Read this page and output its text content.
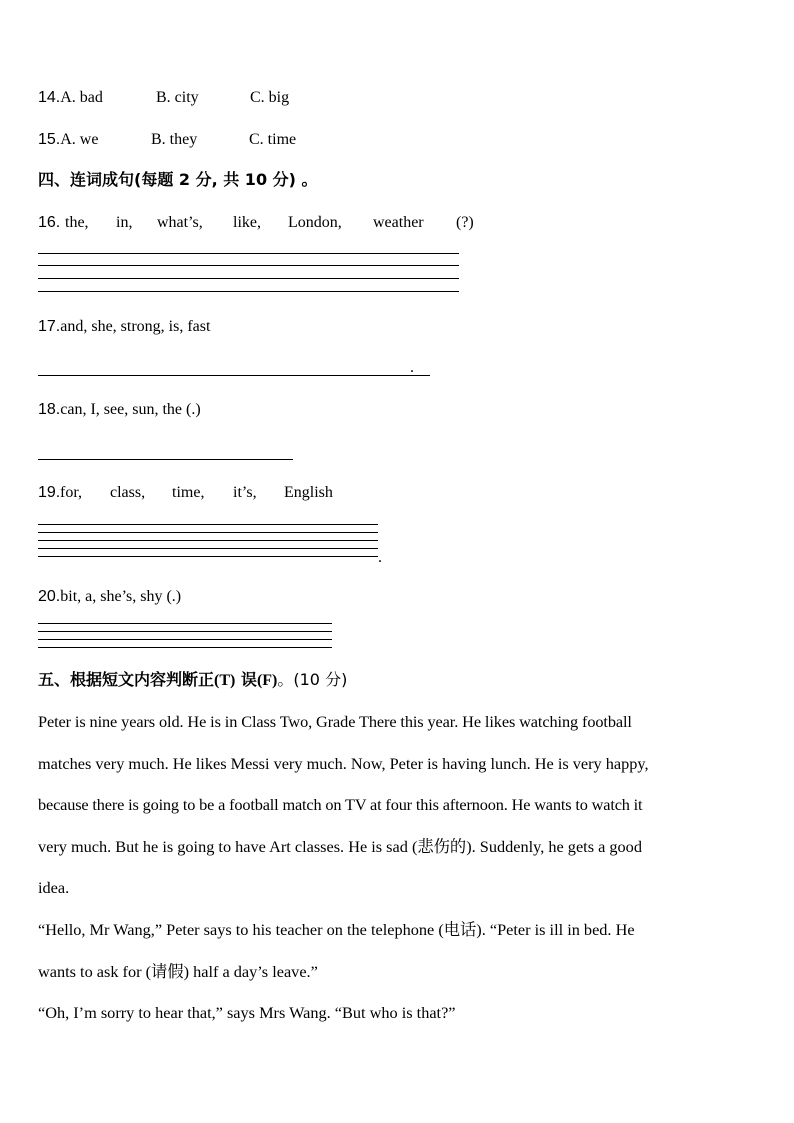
14.A. bad	B. city	C. big
15.A. we	B. they	C. time
四、连词成句(每题 2 分, 共 10 分) 。
16. the, in, what’s, like, London, weather (?)
17.and, she, strong, is, fast
.
18.can, I, see, sun, the (.)
19. for, class, time, it’s, English
.
20.bit, a, she’s, shy (.)
五、根据短文内容判断正(T) 误(F)。(10 分)
Peter is nine years old. He is in Class Two, Grade There this year. He likes watching football
matches very much. He likes Messi very much. Now, Peter is having lunch. He is very happy,
because there is going to be a football match on TV at four this afternoon. He wants to watch it
very much. But he is going to have Art classes. He is sad (悲伤的). Suddenly, he gets a good
idea.
“Hello, Mr Wang,” Peter says to his teacher on the telephone (电话). “Peter is ill in bed. He
wants to ask for (请假) half a day’s leave.”
“Oh, I’m sorry to hear that,” says Mrs Wang. “But who is that?”
